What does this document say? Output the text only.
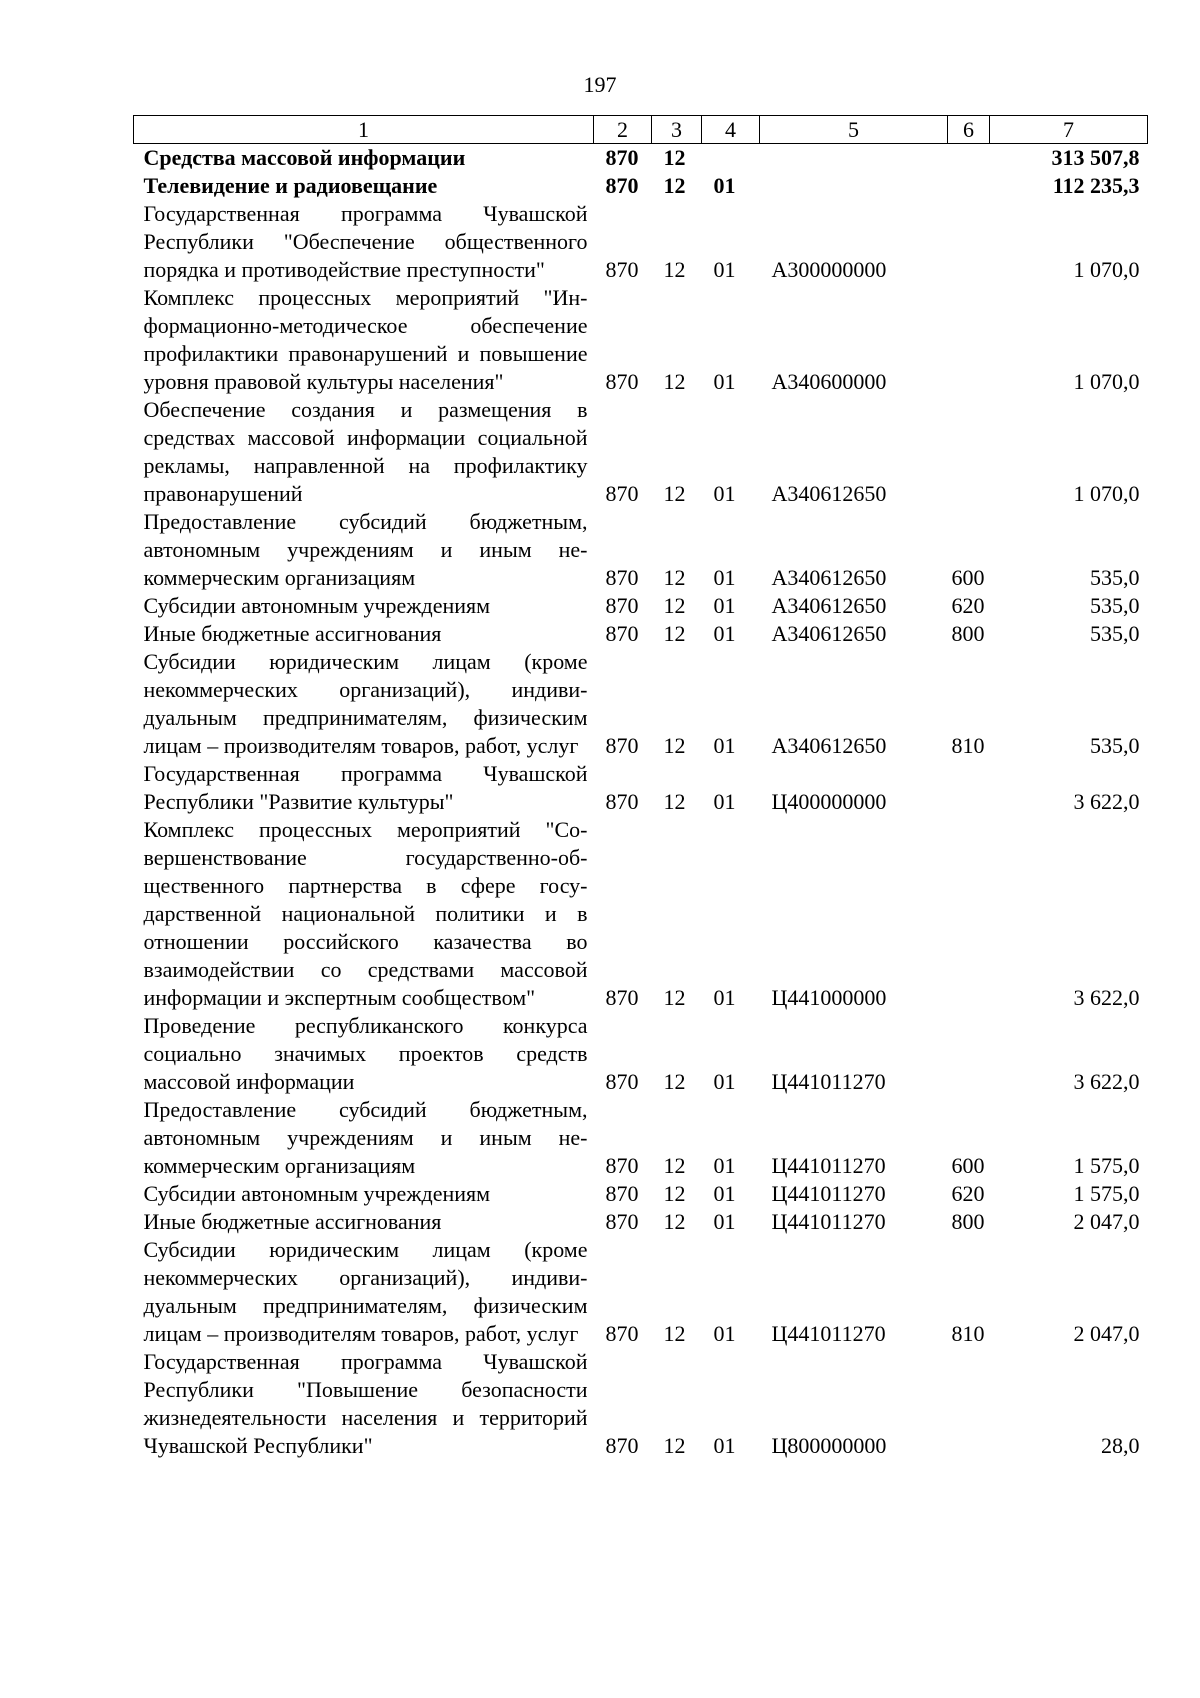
197
1	2	3	4	5	6	7
Средства массовой информации	870	12				313 507,8
Телевидение и радиовещание	870	12	01			112 235,3
Государственная программа Чувашской Республики "Обеспечение общественного порядка и противодействие преступности"	870	12	01	А300000000		1 070,0
Комплекс процессных мероприятий "Информационно-методическое обеспечение профилактики правонарушений и повышение уровня правовой культуры населения"	870	12	01	А340600000		1 070,0
Обеспечение создания и размещения в средствах массовой информации социальной рекламы, направленной на профилактику правонарушений	870	12	01	А340612650		1 070,0
Предоставление субсидий бюджетным, автономным учреждениям и иным некоммерческим организациям	870	12	01	А340612650	600	535,0
Субсидии автономным учреждениям	870	12	01	А340612650	620	535,0
Иные бюджетные ассигнования	870	12	01	А340612650	800	535,0
Субсидии юридическим лицам (кроме некоммерческих организаций), индивидуальным предпринимателям, физическим лицам – производителям товаров, работ, услуг	870	12	01	А340612650	810	535,0
Государственная программа Чувашской Республики "Развитие культуры"	870	12	01	Ц400000000		3 622,0
Комплекс процессных мероприятий "Совершенствование государственно-общественного партнерства в сфере государственной национальной политики и в отношении российского казачества во взаимодействии со средствами массовой информации и экспертным сообществом"	870	12	01	Ц441000000		3 622,0
Проведение республиканского конкурса социально значимых проектов средств массовой информации	870	12	01	Ц441011270		3 622,0
Предоставление субсидий бюджетным, автономным учреждениям и иным некоммерческим организациям	870	12	01	Ц441011270	600	1 575,0
Субсидии автономным учреждениям	870	12	01	Ц441011270	620	1 575,0
Иные бюджетные ассигнования	870	12	01	Ц441011270	800	2 047,0
Субсидии юридическим лицам (кроме некоммерческих организаций), индивидуальным предпринимателям, физическим лицам – производителям товаров, работ, услуг	870	12	01	Ц441011270	810	2 047,0
Государственная программа Чувашской Республики "Повышение безопасности жизнедеятельности населения и территорий Чувашской Республики"	870	12	01	Ц800000000		28,0
